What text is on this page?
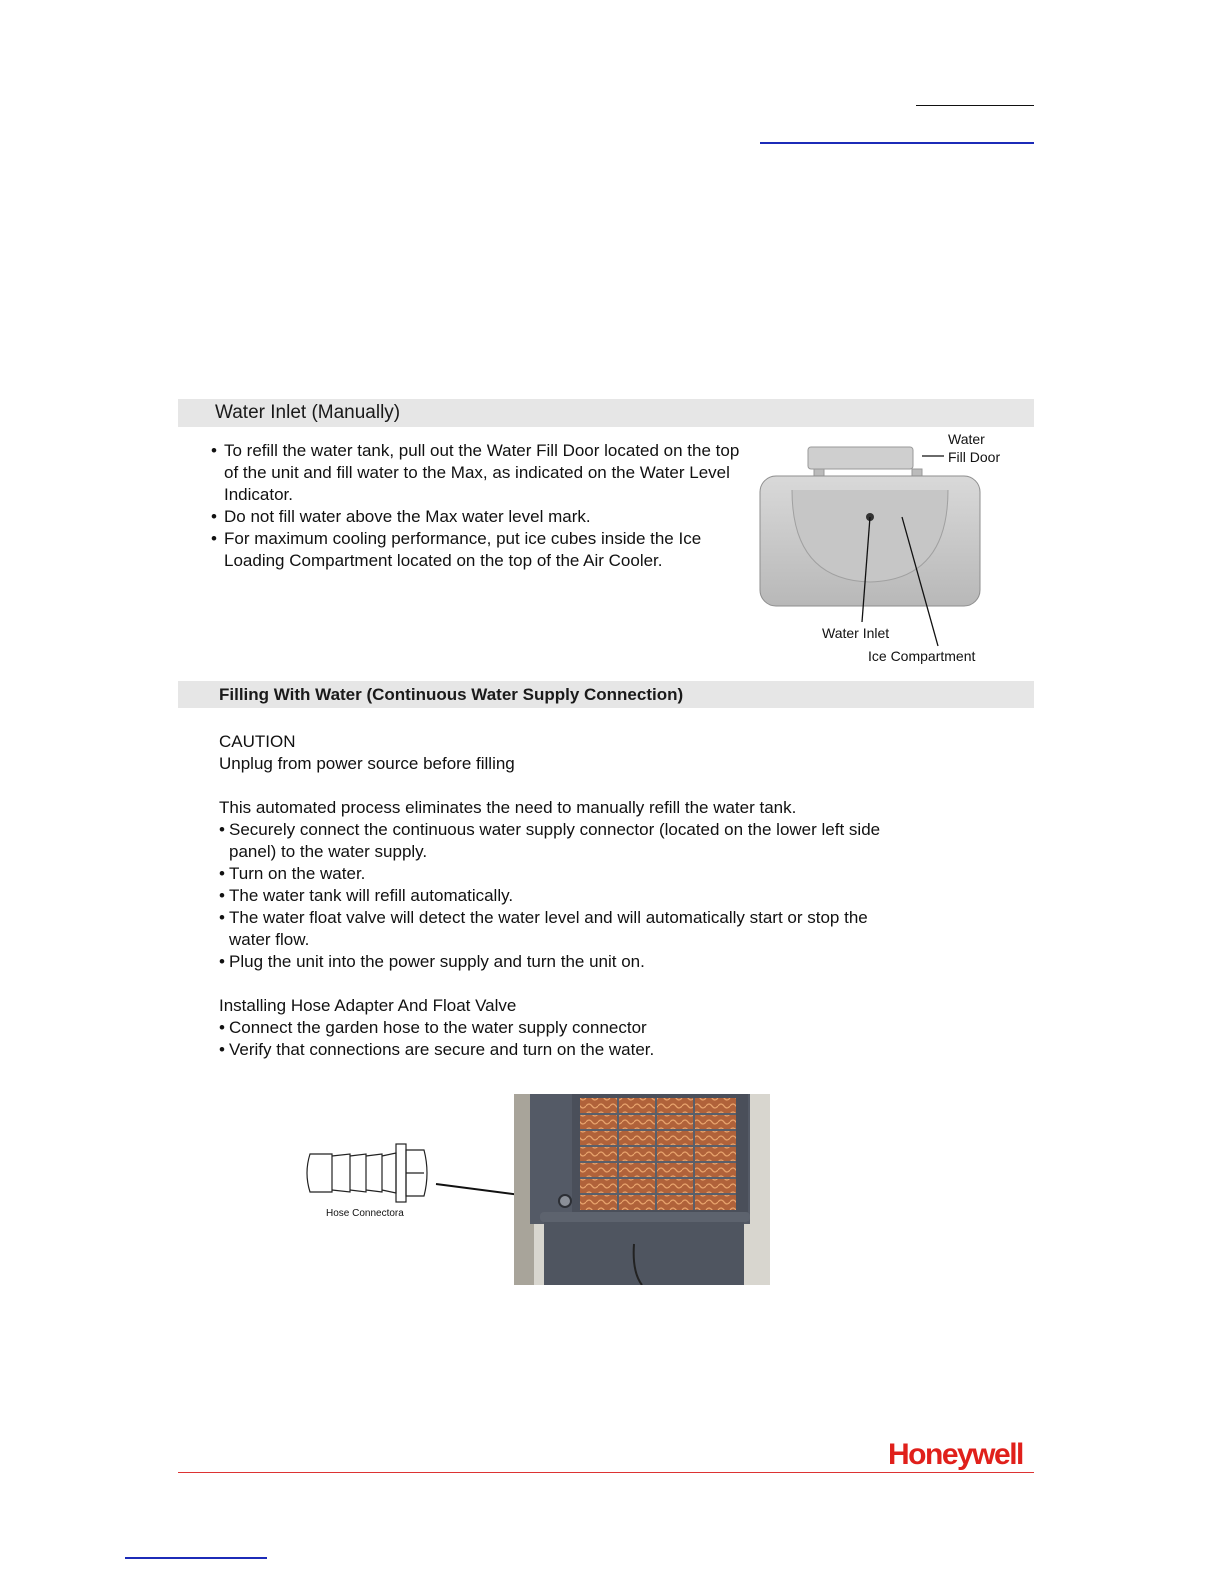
Water Inlet (Manually)
• To refill the water tank, pull out the Water Fill Door located on the top of the unit and fill water to the Max, as indicated on the Water Level Indicator.
• Do not fill water above the Max water level mark.
• For maximum cooling performance, put ice cubes inside the Ice Loading Compartment located on the top of the Air Cooler.
Water
Fill Door
Water Inlet
Ice Compartment
Filling With Water (Continuous Water Supply Connection)

CAUTION

Unplug from power source before filling

This automated process eliminates the need to manually refill the water tank.

• Securely connect the continuous water supply connector (located on the lower left side panel) to the water supply.
• Turn on the water.
• The water tank will refill automatically.
• The water float valve will detect the water level and will automatically start or stop the water flow.
• Plug the unit into the power supply and turn the unit on.

Installing Hose Adapter And Float Valve

• Connect the garden hose to the water supply connector
• Verify that connections are secure and turn on the water.
Hose Connectora
Honeywell
